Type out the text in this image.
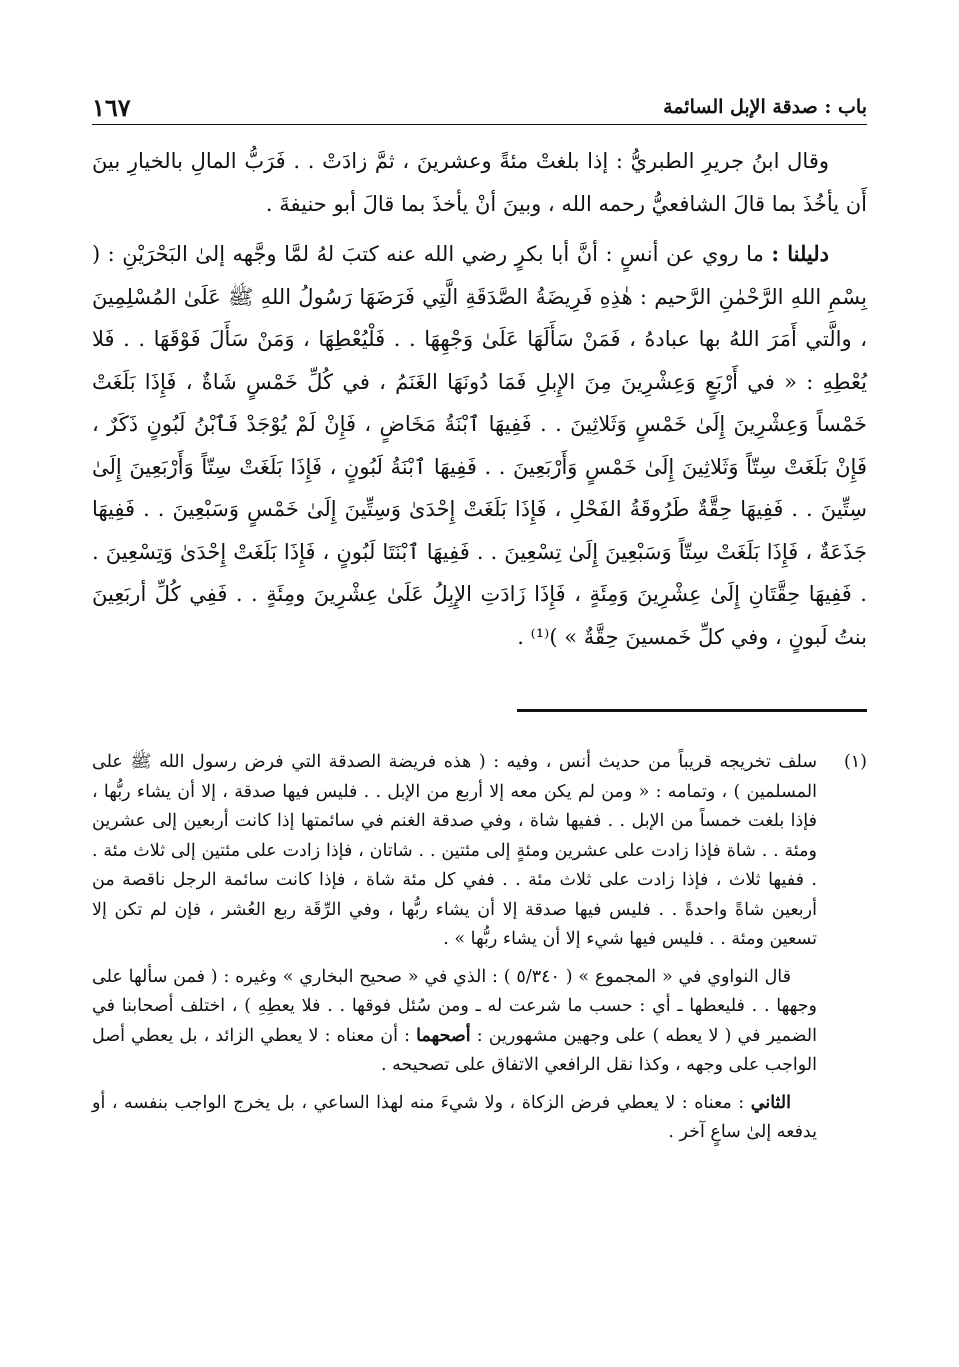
باب : صدقة الإبل السائمة
١٦٧

وقال ابنُ جريرِ الطبريُّ : إذا بلغتْ مئةً وعشرينَ ، ثمَّ زادَتْ . . فَرَبُّ المالِ بالخيارِ بينَ أَن يأخُذَ بما قالَ الشافعيُّ رحمه الله ، وبينَ أنْ يأخذَ بما قالَ أبو حنيفةَ .

دليلنا : ما روي عن أنسٍ : أنَّ أبا بكرٍ رضي الله عنه كتبَ لهُ لمَّا وجَّهه إلىٰ البَحْرَيْنِ : ( بِسْمِ اللهِ الرَّحْمٰنِ الرَّحيم : هٰذِهِ فَرِيضَةُ الصَّدَقَةِ الَّتِي فَرَضَهَا رَسُولُ اللهِ ﷺ عَلَىٰ المُسْلِمِينَ ، والَّتي أَمَرَ اللهُ بها عبادهُ ، فَمَنْ سَأَلَهَا عَلَىٰ وَجْهِهَا . . فَلْيُعْطِهَا ، وَمَنْ سَأَلَ فَوْقَهَا . . فَلا يُعْطِهِ : « في أَرْبَعٍ وَعِشْرِينَ مِنَ الإِبلِ فَمَا دُونَهَا الغَنَمُ ، في كُلِّ خَمْسٍ شَاةٌ ، فَإِذَا بَلَغَتْ خَمْساً وَعِشْرِينَ إِلَىٰ خَمْسٍ وَثَلاثِينَ . . فَفِيهَا ٱبْنَةُ مَخَاضٍ ، فَإِنْ لَمْ يُوْجَدْ فَٱبْنُ لَبُونٍ ذَكَرٌ ، فَإِنْ بَلَغَتْ سِتّاً وَثَلاثِينَ إِلَىٰ خَمْسٍ وَأَرْبَعِينَ . . فَفِيهَا ٱبْنَةُ لَبُونٍ ، فَإِذَا بَلَغَتْ سِتّاً وَأَرْبَعِينَ إِلَىٰ سِتِّينَ . . فَفِيهَا حِقَّةٌ طَرُوقَةُ الفَحْلِ ، فَإِذَا بَلَغَتْ إِحْدَىٰ وَسِتِّينَ إِلَىٰ خَمْسٍ وَسَبْعِينَ . . فَفِيهَا جَذَعَةٌ ، فَإِذَا بَلَغَتْ سِتّاً وَسَبْعِينَ إِلَىٰ تِسْعِينَ . . فَفِيهَا ٱبْنَتَا لَبُونٍ ، فَإِذَا بَلَغَتْ إِحْدَىٰ وَتِسْعِينَ . . فَفِيهَا حِقَّتَانِ إِلَىٰ عِشْرِينَ وَمِئَةٍ ، فَإِذَا زَادَتِ الإِبِلُ عَلَىٰ عِشْرِينَ ومِئَةٍ . . فَفِي كُلِّ أربَعِينَ بنتُ لَبونٍ ، وفي كلِّ خَمسينَ حِقَّةٌ » )⁽¹⁾ .

(١)

سلف تخريجه قريباً من حديث أنس ، وفيه : ( هذه فريضة الصدقة التي فرض رسول الله ﷺ على المسلمين ) ، وتمامه : « ومن لم يكن معه إلا أربع من الإبل . . فليس فيها صدقة ، إلا أن يشاء ربُّها ، فإذا بلغت خمساً من الإبل . . ففيها شاة ، وفي صدقة الغنم في سائمتها إذا كانت أربعين إلى عشرين ومئة . . شاة فإذا زادت على عشرين ومئةٍ إلى مئتين . . شاتان ، فإذا زادت على مئتين إلى ثلاث مئة . . ففيها ثلاث ، فإذا زادت على ثلاث مئة . . ففي كل مئة شاة ، فإذا كانت سائمة الرجل ناقصة من أربعين شاةً واحدةً . . فليس فيها صدقة إلا أن يشاء ربُّها ، وفي الرِّقَة ربع العُشر ، فإن لم تكن إلا تسعين ومئة . . فليس فيها شيء إلا أن يشاء ربُّها » .

قال النواوي في « المجموع » ( ٥/٣٤٠ ) : الذي في « صحيح البخاري » وغيره : ( فمن سألها على وجهها . . فليعطها ـ أي : حسب ما شرعت له ـ ومن سُئل فوقها . . فلا يعطِهِ ) ، اختلف أصحابنا في الضمير في ( لا يعطه ) على وجهين مشهورين : أصحهما : أن معناه : لا يعطي الزائد ، بل يعطي أصل الواجب على وجهه ، وكذا نقل الرافعي الاتفاق على تصحيحه .

الثاني : معناه : لا يعطي فرض الزكاة ، ولا شيءَ منه لهذا الساعي ، بل يخرج الواجب بنفسه ، أو يدفعه إلىٰ ساعٍ آخر .
